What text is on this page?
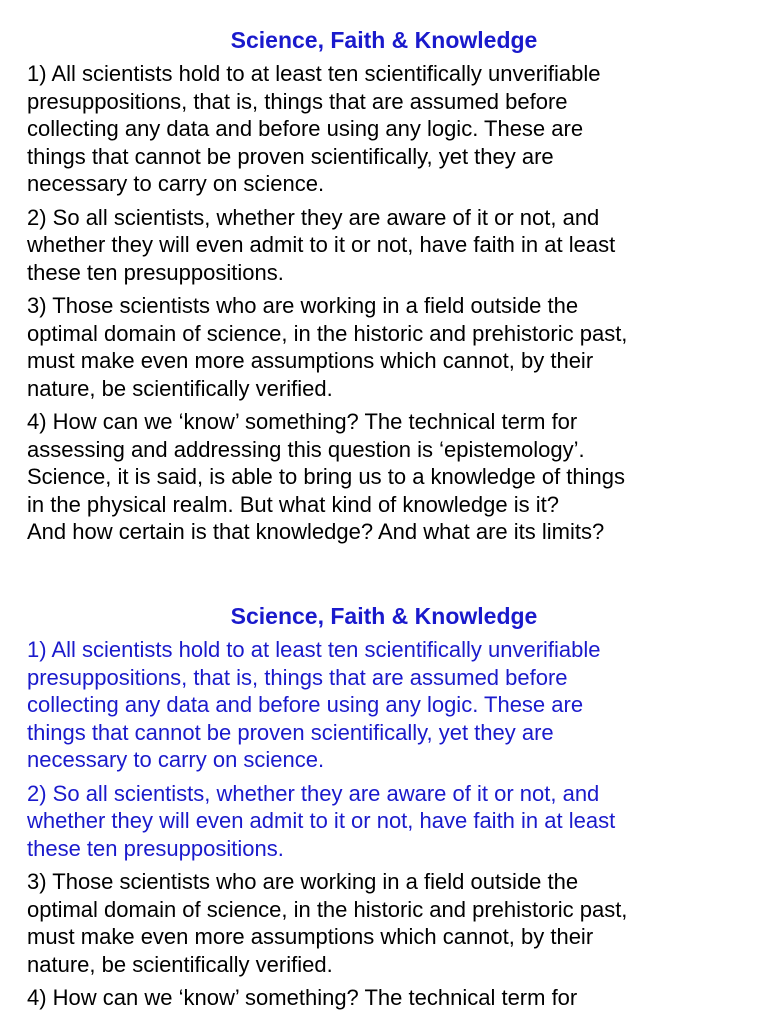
Science, Faith & Knowledge

1) All scientists hold to at least ten scientifically unverifiable
presuppositions, that is, things that are assumed before
collecting any data and before using any logic. These are
things that cannot be proven scientifically, yet they are
necessary to carry on science.

2) So all scientists, whether they are aware of it or not, and
whether they will even admit to it or not, have faith in at least
these ten presuppositions.

3) Those scientists who are working in a field outside the
optimal domain of science, in the historic and prehistoric past,
must make even more assumptions which cannot, by their
nature, be scientifically verified.

4) How can we ‘know’ something? The technical term for
assessing and addressing this question is ‘epistemology’.
Science, it is said, is able to bring us to a knowledge of things
in the physical realm. But what kind of knowledge is it?
And how certain is that knowledge? And what are its limits?

Science, Faith & Knowledge

1) All scientists hold to at least ten scientifically unverifiable
presuppositions, that is, things that are assumed before
collecting any data and before using any logic. These are
things that cannot be proven scientifically, yet they are
necessary to carry on science.

2) So all scientists, whether they are aware of it or not, and
whether they will even admit to it or not, have faith in at least
these ten presuppositions.

3) Those scientists who are working in a field outside the
optimal domain of science, in the historic and prehistoric past,
must make even more assumptions which cannot, by their
nature, be scientifically verified.

4) How can we ‘know’ something? The technical term for
